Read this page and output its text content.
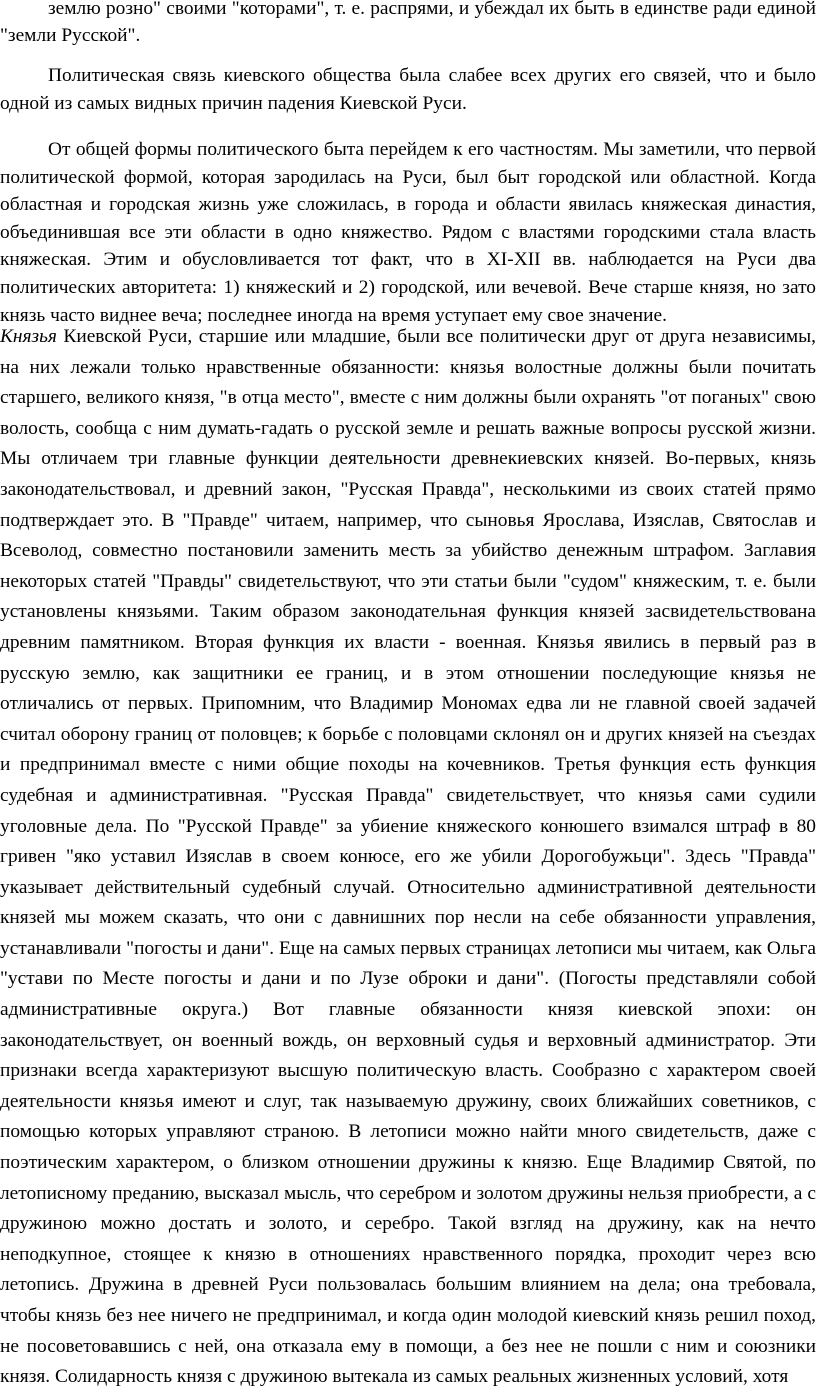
землю розно" своими "которами", т. е. распрями, и убеждал их быть в единстве ради единой "земли Русской".

Политическая связь киевского общества была слабее всех других его связей, что и было одной из самых видных причин падения Киевской Руси.

От общей формы политического быта перейдем к его частностям. Мы заметили, что первой политической формой, которая зародилась на Руси, был быт городской или областной. Когда областная и городская жизнь уже сложилась, в города и области явилась княжеская династия, объединившая все эти области в одно княжество. Рядом с властями городскими стала власть княжеская. Этим и обусловливается тот факт, что в XI-XII вв. наблюдается на Руси два политических авторитета: 1) княжеский и 2) городской, или вечевой. Вече старше князя, но зато князь часто виднее веча; последнее иногда на время уступает ему свое значение.

Князья Киевской Руси, старшие или младшие, были все политически друг от друга независимы, на них лежали только нравственные обязанности: князья волостные должны были почитать старшего, великого князя, "в отца место", вместе с ним должны были охранять "от поганых" свою волость, сообща с ним думать-гадать о русской земле и решать важные вопросы русской жизни. Мы отличаем три главные функции деятельности древнекиевских князей. Во-первых, князь законодательствовал, и древний закон, "Русская Правда", несколькими из своих статей прямо подтверждает это. В "Правде" читаем, например, что сыновья Ярослава, Изяслав, Святослав и Всеволод, совместно постановили заменить месть за убийство денежным штрафом. Заглавия некоторых статей "Правды" свидетельствуют, что эти статьи были "судом" княжеским, т. е. были установлены князьями. Таким образом законодательная функция князей засвидетельствована древним памятником. Вторая функция их власти - военная. Князья явились в первый раз в русскую землю, как защитники ее границ, и в этом отношении последующие князья не отличались от первых. Припомним, что Владимир Мономах едва ли не главной своей задачей считал оборону границ от половцев; к борьбе с половцами склонял он и других князей на съездах и предпринимал вместе с ними общие походы на кочевников. Третья функция есть функция судебная и административная. "Русская Правда" свидетельствует, что князья сами судили уголовные дела. По "Русской Правде" за убиение княжеского конюшего взимался штраф в 80 гривен "яко уставил Изяслав в своем конюсе, его же убили Дорогобужьци". Здесь "Правда" указывает действительный судебный случай. Относительно административной деятельности князей мы можем сказать, что они с давнишних пор несли на себе обязанности управления, устанавливали "погосты и дани". Еще на самых первых страницах летописи мы читаем, как Ольга "устави по Месте погосты и дани и по Лузе оброки и дани". (Погосты представляли собой административные округа.) Вот главные обязанности князя киевской эпохи: он законодательствует, он военный вождь, он верховный судья и верховный администратор. Эти признаки всегда характеризуют высшую политическую власть. Сообразно с характером своей деятельности князья имеют и слуг, так называемую дружину, своих ближайших советников, с помощью которых управляют страною. В летописи можно найти много свидетельств, даже с поэтическим характером, о близком отношении дружины к князю. Еще Владимир Святой, по летописному преданию, высказал мысль, что серебром и золотом дружины нельзя приобрести, а с дружиною можно достать и золото, и серебро. Такой взгляд на дружину, как на нечто неподкупное, стоящее к князю в отношениях нравственного порядка, проходит через всю летопись. Дружина в древней Руси пользовалась большим влиянием на дела; она требовала, чтобы князь без нее ничего не предпринимал, и когда один молодой киевский князь решил поход, не посоветовавшись с ней, она отказала ему в помощи, а без нее не пошли с ним и союзники князя. Солидарность князя с дружиною вытекала из самых реальных жизненных условий, хотя
